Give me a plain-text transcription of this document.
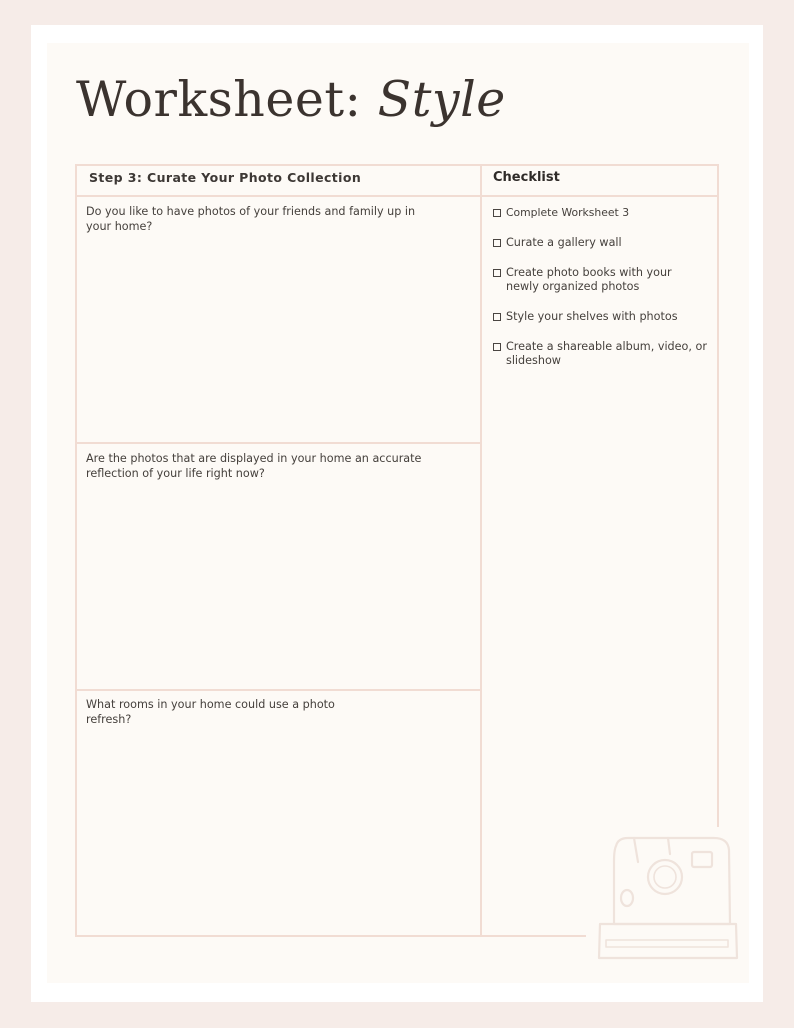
Worksheet: Style
Step 3: Curate Your Photo Collection	Checklist
Do you like to have photos of your friends and family up in your home?
Are the photos that are displayed in your home an accurate reflection of your life right now?
What rooms in your home could use a photo refresh?
Complete Worksheet 3
Curate a gallery wall
Create photo books with your newly organized photos
Style your shelves with photos
Create a shareable album, video, or slideshow
